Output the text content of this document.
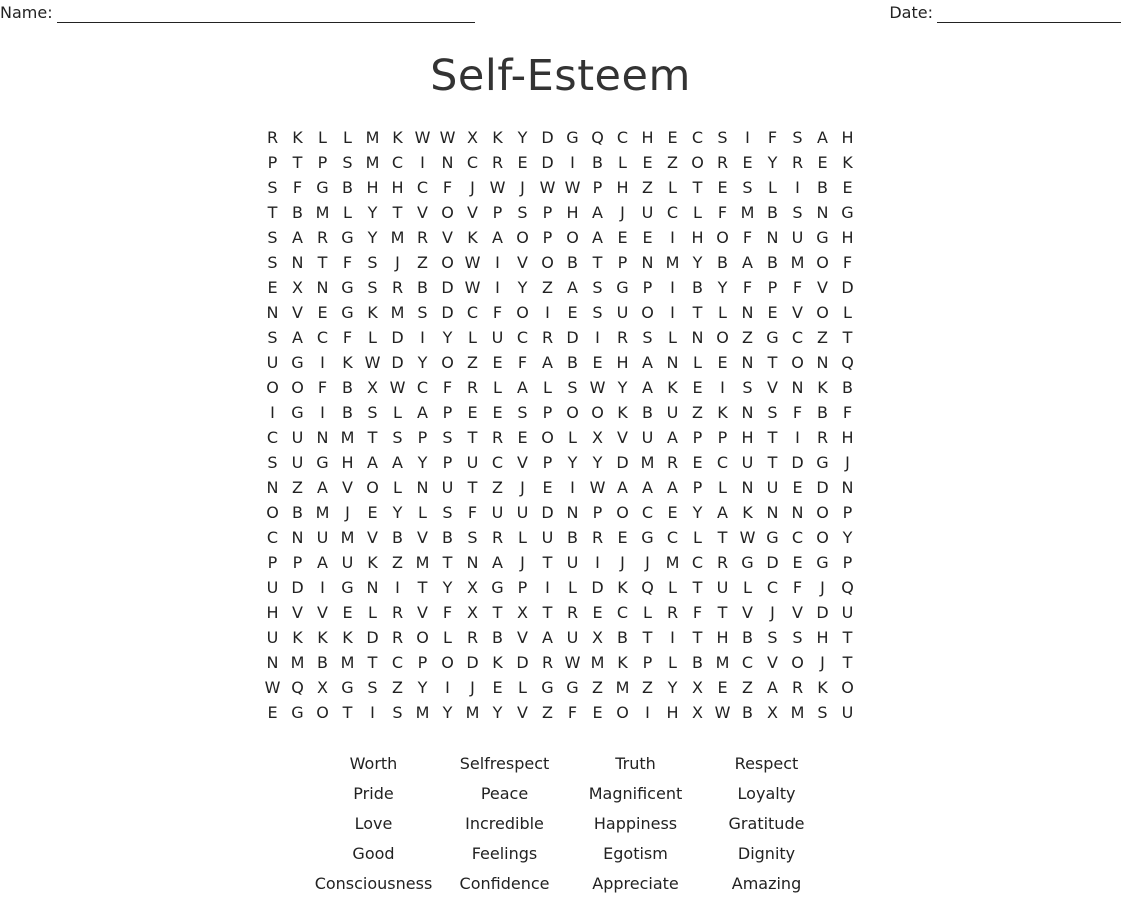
Name:	Date:
Self-Esteem
R K L	L M K W W X K Y D G Q C H E C S	I	F S A H
P T P S M C	I	N C R E D	I	B L E Z O R E Y R E K
S F G B H H C F	J W J W W P H Z L T E S L	I	B E
T B M L Y T V O V P S P H A	J	U C L F M B S N G
S A R G Y M R V K A O P O A E E	I	H O F N U G H
S N T F S	J	Z O W I	V O B T P N M Y B A B M O F
E X N G S R B D W I	Y Z A S G P	I	B Y F P F V D
N V E G K M S D C F O	I	E S U O	I	T L N E V O L
S A C F L D	I	Y L U C R D	I	R S L N O Z G C Z T
U G	I	K W D Y O Z E F A B E H A N L E N T O N Q
O O F B X W C F R L A L S W Y A K E	I	S V N K B
I	G	I	B S L A P E E S P O O K B U Z K N S F B F
C U N M T S P S T R E O L X V U A P P H T	I	R H
S U G H A A Y P U C V P Y Y D M R E C U T D G	J
N Z A V O L N U T Z	J	E	I W A A A P L N U E D N
O B M J	E Y L S F U U D N P O C E Y A K N N O P
C N U M V B V B S R L U B R E G C L T W G C O Y
P P A U K Z M T N A	J	T U	I	J	J M C R G D E G P
U D	I	G N	I	T Y X G P	I	L D K Q L T U L C F	J	Q
H V V E L R V F X T X T R E C L R F T V	J	V D U
U K K K D R O L R B V A U X B T	I	T H B S S H T
N M B M T C P O D K D R W M K P L B M C V O	J	T
W Q X G S Z Y	I	J	E L G G Z M Z Y X E Z A R K O
E G O T	I	S M Y M Y V Z F E O	I	H X W B X M S U
Worth	Selfrespect	Truth	Respect
Pride	Peace	Magnificent	Loyalty
Love	Incredible	Happiness	Gratitude
Good	Feelings	Egotism	Dignity
Consciousness	Confidence	Appreciate	Amazing
